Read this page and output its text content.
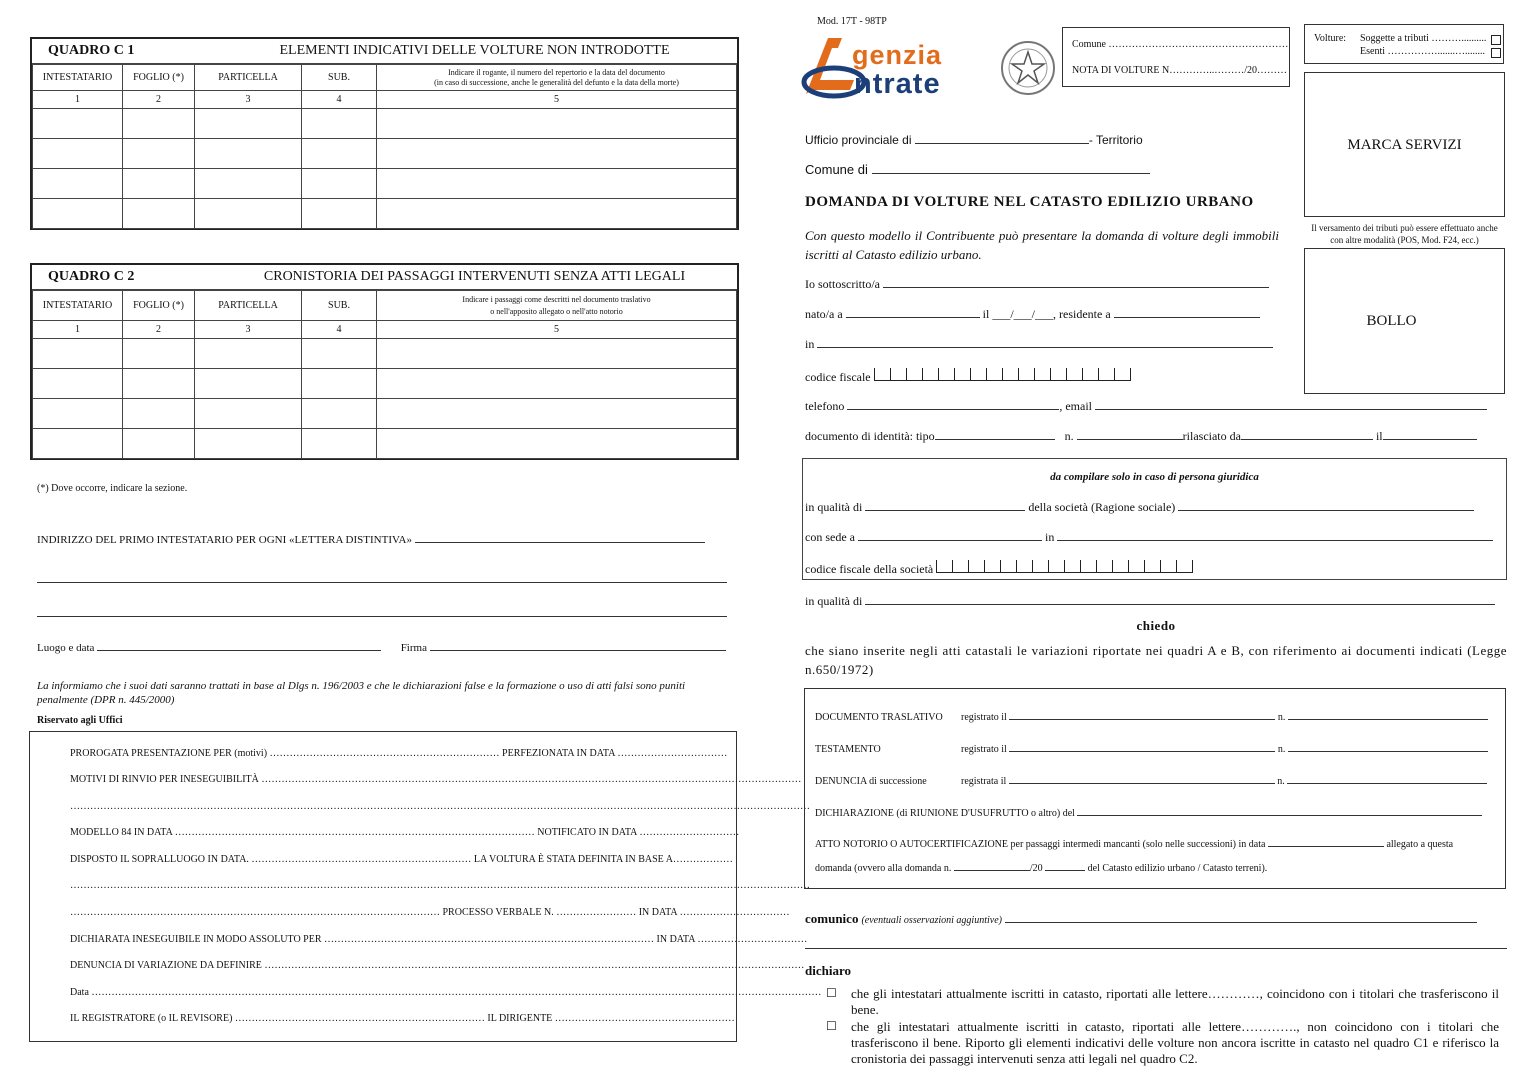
QUADRO C 1	ELEMENTI INDICATIVI DELLE VOLTURE NON INTRODOTTE
INTESTATARIO	FOGLIO (*)	PARTICELLA	SUB.	Indicare il rogante, il numero del repertorio e la data del documento
(in caso di successione, anche le generalità del defunto e la data della morte)

1	2	3	4	5

QUADRO C 2	CRONISTORIA DEI PASSAGGI INTERVENUTI SENZA ATTI LEGALI
INTESTATARIO	FOGLIO (*)	PARTICELLA	SUB.	Indicare i passaggi come descritti nel documento traslativo
o nell'apposito allegato o nell'atto notorio

1	2	3	4	5

(*) Dove occorre, indicare la sezione.
INDIRIZZO DEL PRIMO INTESTATARIO PER OGNI «LETTERA DISTINTIVA»
Luogo e data	Firma
La informiamo che i suoi dati saranno trattati in base al Dlgs n. 196/2003 e che le dichiarazioni false e la formazione o uso di atti falsi sono puniti penalmente (DPR n. 445/2000)
Riservato agli Uffici
PROROGATA PRESENTAZIONE PER (motivi) …………………………………………………………… PERFEZIONATA IN DATA ……………………………
MOTIVI DI RINVIO PER INESEGUIBILITÀ ………………………………………………………………………………………………………………………………………………
……………………………………………………………………………………………………………………………………………………………………………………………………
MODELLO 84 IN DATA ……………………………………………………………………………………………… NOTIFICATO IN DATA …………………………
DISPOSTO IL SOPRALLUOGO IN DATA. ………………………………………………………… LA VOLTURA È STATA DEFINITA IN BASE A………………
……………………………………………………………………………………………………………………………………………………………………………………………………
………………………………………………………………………………………………… PROCESSO VERBALE N. …………………… IN DATA ……………………………
DICHIARATA INESEGUIBILE IN MODO ASSOLUTO PER ……………………………………………………………………………………… IN DATA ……………………………
DENUNCIA DI VARIAZIONE DA DEFINIRE ………………………………………………………………………………………………………………………………………………
Data …………………………………………………………………………………………………………………………………………………………………………………………………
IL REGISTRATORE (o IL REVISORE) ………………………………………………………………… IL DIRIGENTE ………………………………………………
Mod. 17T - 98TP
genzia
ntrate
Comune ………………………………………………
NOTA DI VOLTURE N…………..………/20………
Volture: Soggette a tributi ………..........
Esenti …………….......…........
MARCA SERVIZI
Il versamento dei tributi può essere effettuato anche con altre modalità (POS, Mod. F24, ecc.)
BOLLO
Ufficio provinciale di	- Territorio
Comune di
DOMANDA DI VOLTURE NEL CATASTO EDILIZIO URBANO
Con questo modello il Contribuente può presentare la domanda di volture degli immobili iscritti al Catasto edilizio urbano.
Io sottoscritto/a
nato/a a	il ___/___/___, residente a
in
codice fiscale
telefono	, email
documento di identità: tipo	n.	rilasciato da	il
da compilare solo in caso di persona giuridica
in qualità di	della società (Ragione sociale)
con sede a	in
codice fiscale della società
in qualità di
chiedo
che siano inserite negli atti catastali le variazioni riportate nei quadri A e B, con riferimento ai documenti indicati (Legge n.650/1972)
DOCUMENTO TRASLATIVO registrato il	n.
TESTAMENTO	registrato il	n.
DENUNCIA di successione	registrata il	n.
DICHIARAZIONE (di RIUNIONE D'USUFRUTTO o altro) del
ATTO NOTORIO O AUTOCERTIFICAZIONE per passaggi intermedi mancanti (solo nelle successioni) in data	allegato a questa
domanda (ovvero alla domanda n.	/20	del Catasto edilizio urbano / Catasto terreni).
comunico (eventuali osservazioni aggiuntive)
dichiaro
☐ che gli intestatari attualmente iscritti in catasto, riportati alle lettere…………, coincidono con i titolari che trasferiscono il bene.
☐ che gli intestatari attualmente iscritti in catasto, riportati alle lettere…………., non coincidono con i titolari che trasferiscono il bene. Riporto gli elementi indicativi delle volture non ancora iscritte in catasto nel quadro C1 e riferisco la cronistoria dei passaggi intervenuti senza atti legali nel quadro C2.
